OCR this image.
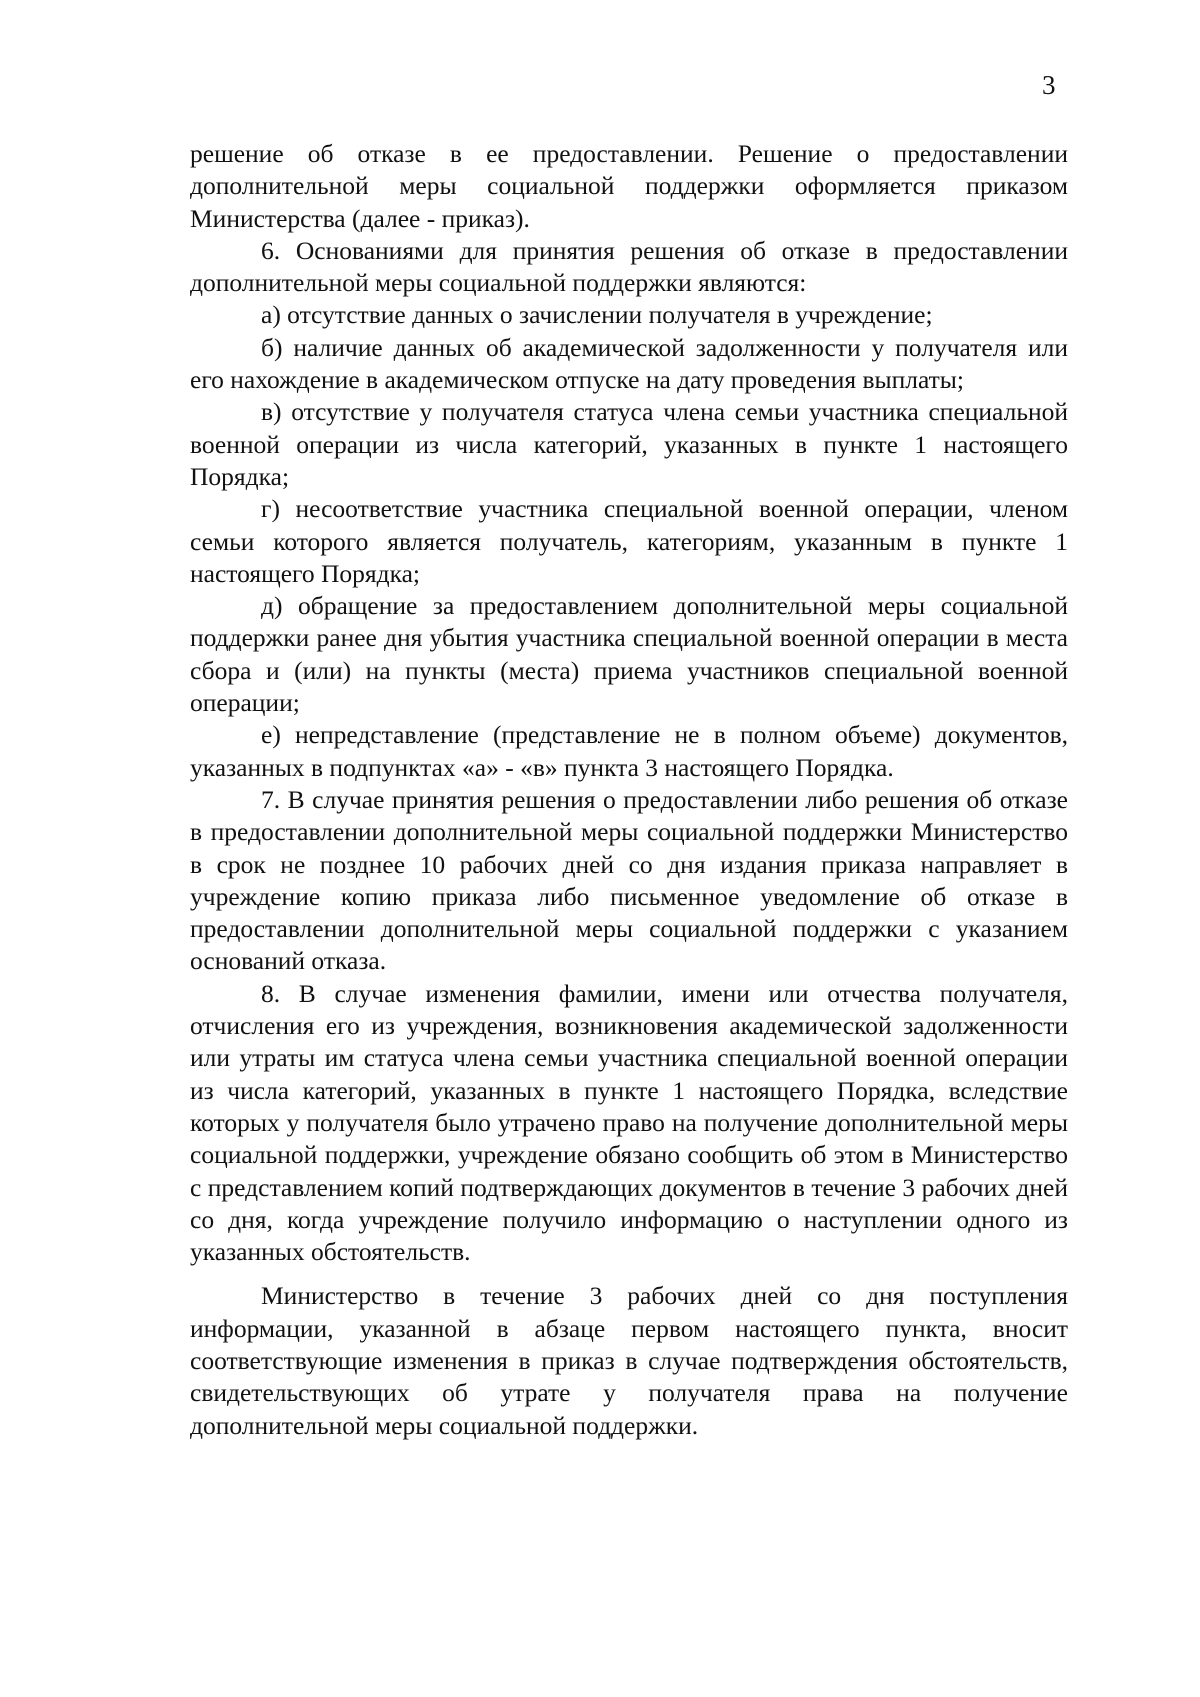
3

решение об отказе в ее предоставлении. Решение о предоставлении дополнительной меры социальной поддержки оформляется приказом Министерства (далее - приказ).

6. Основаниями для принятия решения об отказе в предоставлении дополнительной меры социальной поддержки являются:

а) отсутствие данных о зачислении получателя в учреждение;

б) наличие данных об академической задолженности у получателя или его нахождение в академическом отпуске на дату проведения выплаты;

в) отсутствие у получателя статуса члена семьи участника специальной военной операции из числа категорий, указанных в пункте 1 настоящего Порядка;

г) несоответствие участника специальной военной операции, членом семьи которого является получатель, категориям, указанным в пункте 1 настоящего Порядка;

д) обращение за предоставлением дополнительной меры социальной поддержки ранее дня убытия участника специальной военной операции в места сбора и (или) на пункты (места) приема участников специальной военной операции;

е) непредставление (представление не в полном объеме) документов, указанных в подпунктах «а» - «в» пункта 3 настоящего Порядка.

7. В случае принятия решения о предоставлении либо решения об отказе в предоставлении дополнительной меры социальной поддержки Министерство в срок не позднее 10 рабочих дней со дня издания приказа направляет в учреждение копию приказа либо письменное уведомление об отказе в предоставлении дополнительной меры социальной поддержки с указанием оснований отказа.

8. В случае изменения фамилии, имени или отчества получателя, отчисления его из учреждения, возникновения академической задолженности или утраты им статуса члена семьи участника специальной военной операции из числа категорий, указанных в пункте 1 настоящего Порядка, вследствие которых у получателя было утрачено право на получение дополнительной меры социальной поддержки, учреждение обязано сообщить об этом в Министерство с представлением копий подтверждающих документов в течение 3 рабочих дней со дня, когда учреждение получило информацию о наступлении одного из указанных обстоятельств.

Министерство в течение 3 рабочих дней со дня поступления информации, указанной в абзаце первом настоящего пункта, вносит соответствующие изменения в приказ в случае подтверждения обстоятельств, свидетельствующих об утрате у получателя права на получение дополнительной меры социальной поддержки.
